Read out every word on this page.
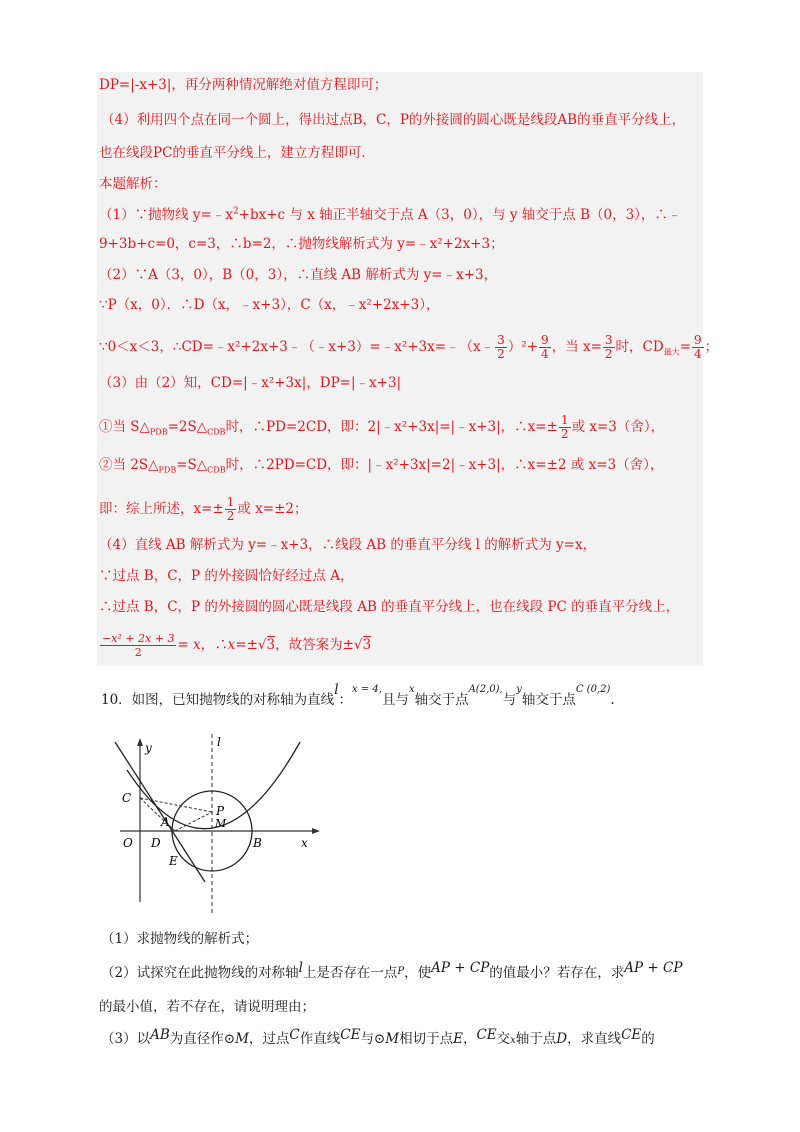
DP=|-x+3|，再分两种情况解绝对值方程即可；
（4）利用四个点在同一个圆上，得出过点B，C，P的外接圆的圆心既是线段AB的垂直平分线上，
也在线段PC的垂直平分线上，建立方程即可.
本题解析：
（1）∵抛物线 $y=﹣x^2+bx+c$ 与 x 轴正半轴交于点 A（3，0），与 y 轴交于点 B（0，3），∴﹣
9+3b+c=0，c=3，∴b=2，∴抛物线解析式为 y=﹣x²+2x+3；
（2）∵A（3，0），B（0，3），∴直线 AB 解析式为 y=﹣x+3，
∵P（x，0）．∴D（x，﹣x+3），C（x，﹣x²+2x+3），
∵0＜x＜3，∴CD=﹣x²+2x+3﹣（﹣x+3）=﹣x²+3x=﹣（x﹣ $\frac{3}{2} )^2+ \frac{9}{4}$ ，当 $x= \frac{3}{2}$ 时，$CD_{最大}= \frac{9}{4}$ ；
（3）由（2）知，CD=|﹣x²+3x|，DP=|﹣x+3|
①当 $S\triangle_{PDB}=2S\triangle_{CDB}$时，∴PD=2CD，即：2|﹣x²+3x|=|﹣x+3|，∴x=± $\frac{1}{2}$ 或 x=3（舍），
②当 $2S\triangle_{PDB}=S\triangle_{CDB}$时，∴2PD=CD，即：|﹣x²+3x|=2|﹣x+3|，∴x=±2 或 x=3（舍），
即：综上所述，$x=\pm \frac{1}{2}$ 或 x=±2；
（4）直线 AB 解析式为 y=﹣x+3，∴线段 AB 的垂直平分线 l 的解析式为 y=x，
∵过点 B，C，P 的外接圆恰好经过点 A，
∴过点 B，C，P 的外接圆的圆心既是线段 AB 的垂直平分线上，也在线段 PC 的垂直平分线上，
$\frac{\text{−x² + 2x + 3}}{2} = x$，∴x=±√3，故答案为±√3
10．如图，已知抛物线的对称轴为直线l：$^{x = 4,}$且与$^x$轴交于点$^{A(2,0),}$与$^y$轴交于点$^{C (0,2)}$.
y	l
C
A
P
M
O D	B	x
E
（1）求抛物线的解析式；
（2）试探究在此抛物线的对称轴l上是否存在一点$^P$，使AP + CP的值最小？若存在，求AP + CP
的最小值，若不存在，请说明理由；
（3）以AB为直径作⊙M，过点C作直线CE与⊙M相切于点E，CE交x轴于点D，求直线CE的
